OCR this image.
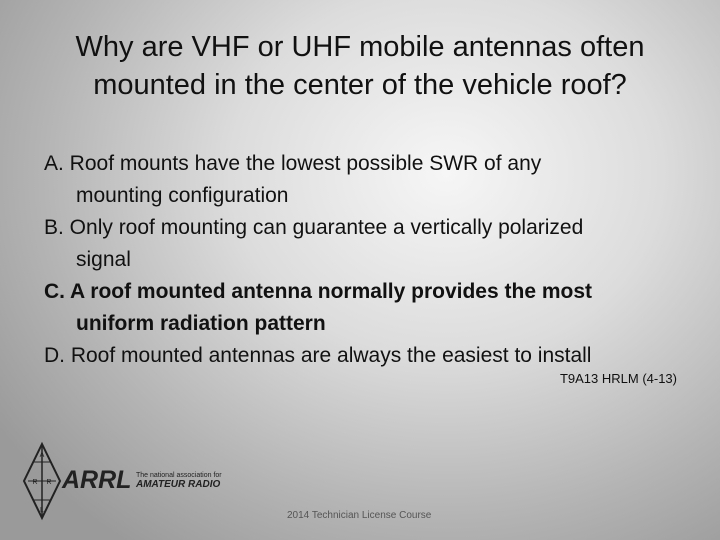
Why are VHF or UHF mobile antennas often
mounted in the center of the vehicle roof?

A. Roof mounts have the lowest possible SWR of any
mounting configuration

B. Only roof mounting can guarantee a vertically polarized
signal

C. A roof mounted antenna normally provides the most
uniform radiation pattern

D. Roof mounted antennas are always the easiest to install

T9A13 HRLM (4-13)
A
R R
L
ARRL The national association for
AMATEUR RADIO
2014 Technician License Course
